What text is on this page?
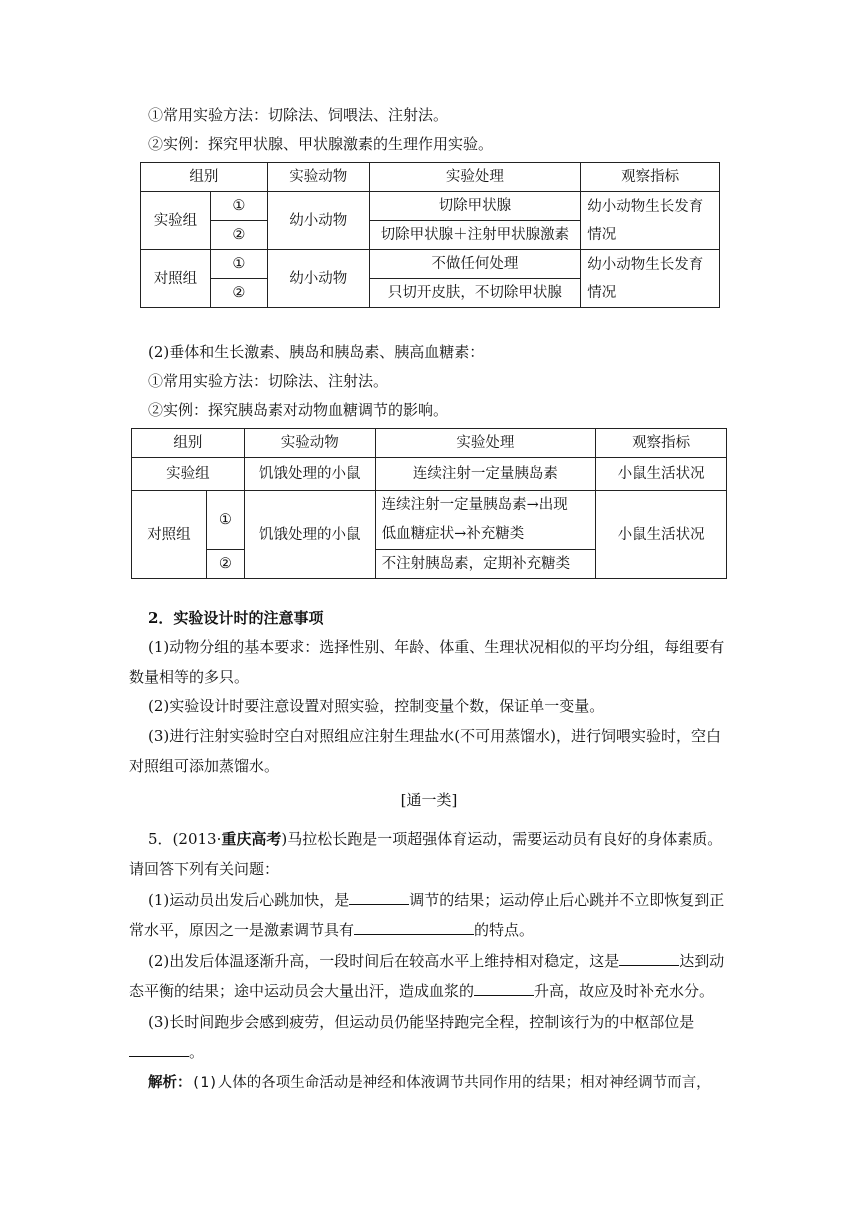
①常用实验方法：切除法、饲喂法、注射法。
②实例：探究甲状腺、甲状腺激素的生理作用实验。
组别		实验动物	实验处理	观察指标
实验组	①	幼小动物	切除甲状腺	幼小动物生长发育
情况
	②		切除甲状腺＋注射甲状腺激素	
对照组	①	幼小动物	不做任何处理	幼小动物生长发育
情况
	②		只切开皮肤，不切除甲状腺	
(2)垂体和生长激素、胰岛和胰岛素、胰高血糖素：
①常用实验方法：切除法、注射法。
②实例：探究胰岛素对动物血糖调节的影响。
组别		实验动物	实验处理	观察指标
实验组		饥饿处理的小鼠	连续注射一定量胰岛素	小鼠生活状况
对照组	①	饥饿处理的小鼠	连续注射一定量胰岛素→出现
低血糖症状→补充糖类	小鼠生活状况
	②		不注射胰岛素，定期补充糖类	
2．实验设计时的注意事项
(1)动物分组的基本要求：选择性别、年龄、体重、生理状况相似的平均分组，每组要有数量相等的多只。
(2)实验设计时要注意设置对照实验，控制变量个数，保证单一变量。
(3)进行注射实验时空白对照组应注射生理盐水(不可用蒸馏水)，进行饲喂实验时，空白对照组可添加蒸馏水。
[通一类]
5．(2013·重庆高考)马拉松长跑是一项超强体育运动，需要运动员有良好的身体素质。请回答下列有关问题：
(1)运动员出发后心跳加快，是	调节的结果；运动停止后心跳并不立即恢复到正常水平，原因之一是激素调节具有	的特点。
(2)出发后体温逐渐升高，一段时间后在较高水平上维持相对稳定，这是	达到动态平衡的结果；途中运动员会大量出汗，造成血浆的	升高，故应及时补充水分。
(3)长时间跑步会感到疲劳，但运动员仍能坚持跑完全程，控制该行为的中枢部位是。
解析：(1)人体的各项生命活动是神经和体液调节共同作用的结果；相对神经调节而言，
